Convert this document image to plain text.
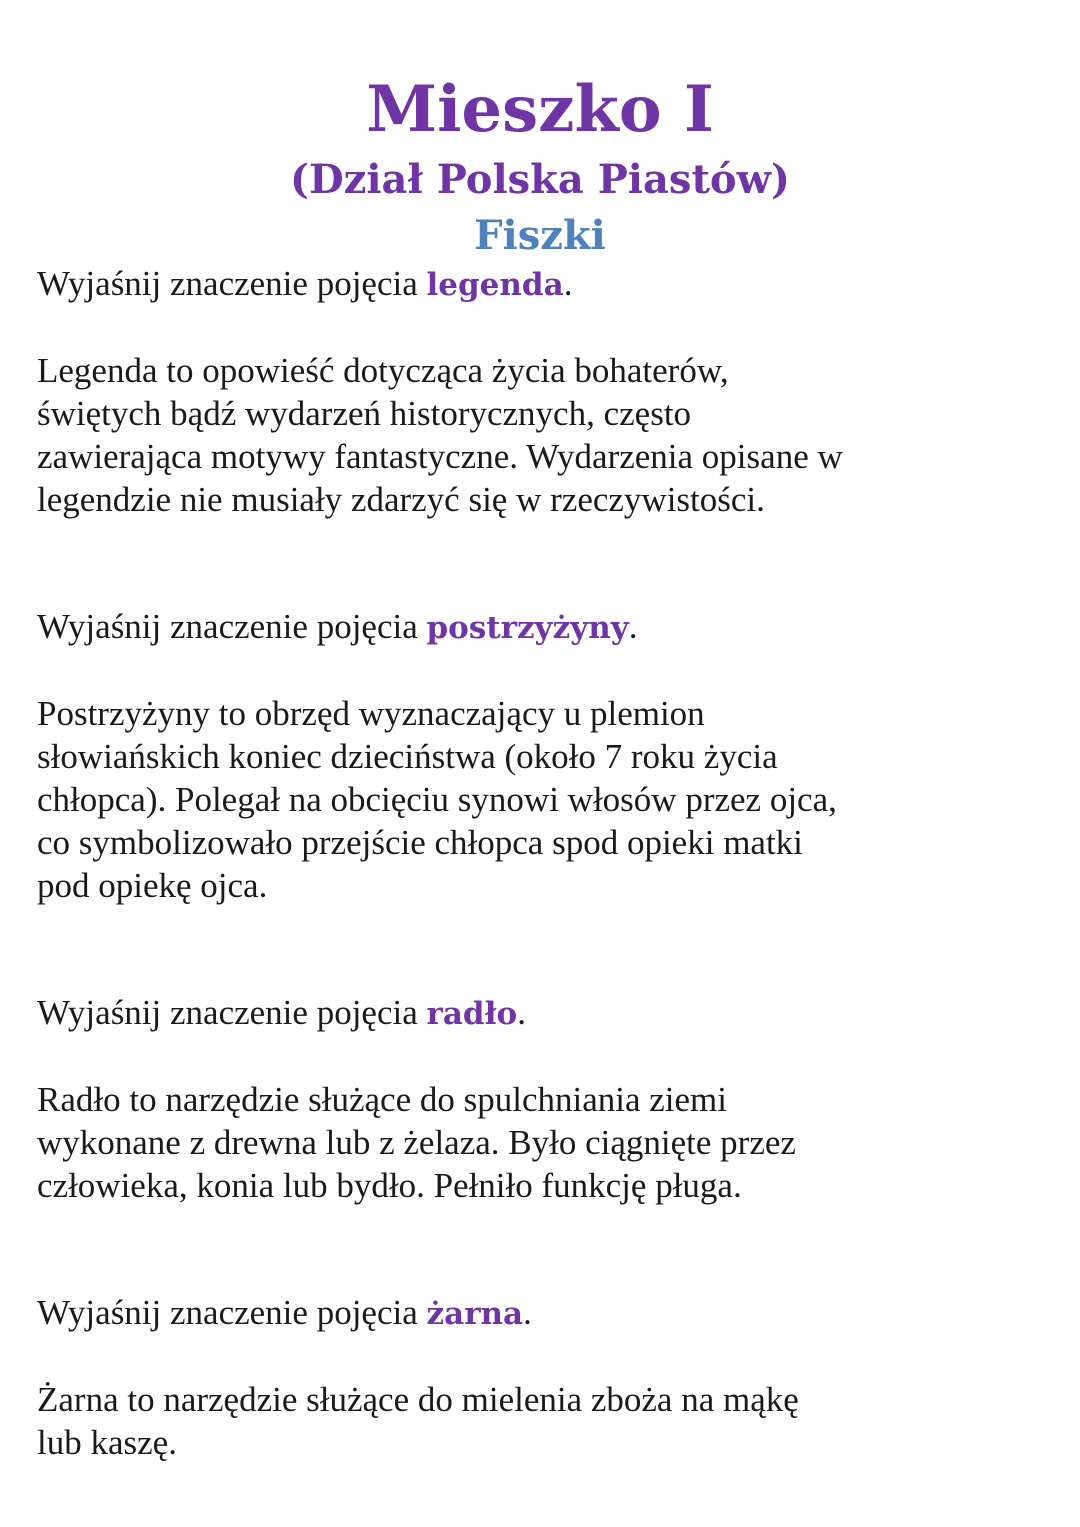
Mieszko I
(Dział Polska Piastów)
Fiszki

Wyjaśnij znaczenie pojęcia legenda.

Legenda to opowieść dotycząca życia bohaterów,
świętych bądź wydarzeń historycznych, często
zawierająca motywy fantastyczne. Wydarzenia opisane w
legendzie nie musiały zdarzyć się w rzeczywistości.

Wyjaśnij znaczenie pojęcia postrzyżyny.

Postrzyżyny to obrzęd wyznaczający u plemion
słowiańskich koniec dzieciństwa (około 7 roku życia
chłopca). Polegał na obcięciu synowi włosów przez ojca,
co symbolizowało przejście chłopca spod opieki matki
pod opiekę ojca.

Wyjaśnij znaczenie pojęcia radło.

Radło to narzędzie służące do spulchniania ziemi
wykonane z drewna lub z żelaza. Było ciągnięte przez
człowieka, konia lub bydło. Pełniło funkcję pługa.

Wyjaśnij znaczenie pojęcia żarna.

Żarna to narzędzie służące do mielenia zboża na mąkę
lub kaszę.
